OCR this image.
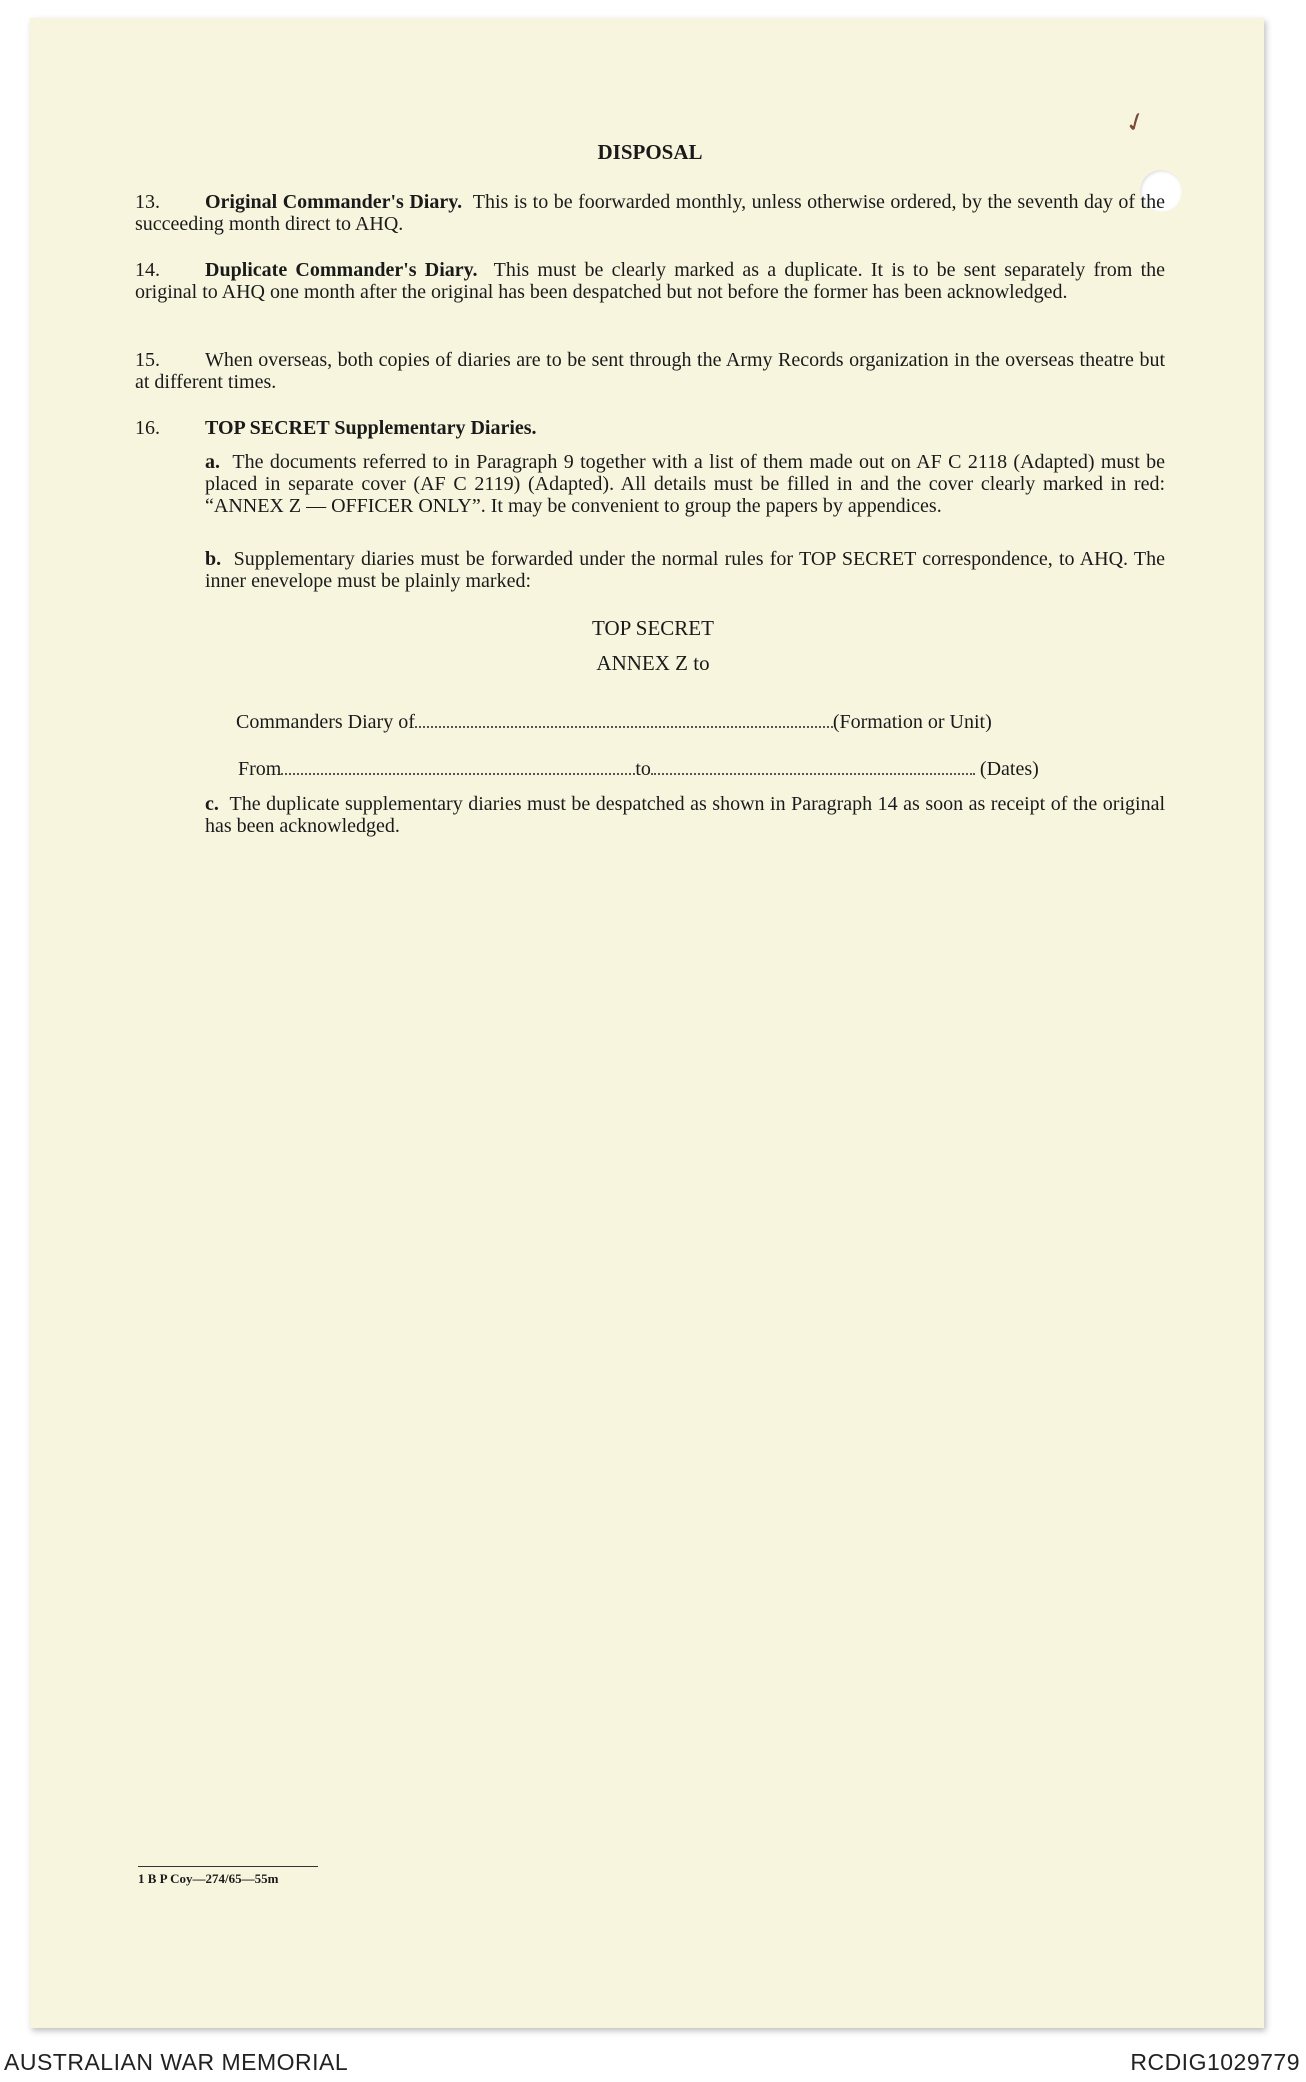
✓
DISPOSAL
13. Original Commander's Diary. This is to be foorwarded monthly, unless otherwise ordered, by the seventh day of the succeeding month direct to AHQ.
14. Duplicate Commander's Diary. This must be clearly marked as a duplicate. It is to be sent separately from the original to AHQ one month after the original has been despatched but not before the former has been acknowledged.
15. When overseas, both copies of diaries are to be sent through the Army Records organization in the overseas theatre but at different times.
16. TOP SECRET Supplementary Diaries.
a. The documents referred to in Paragraph 9 together with a list of them made out on AF C 2118 (Adapted) must be placed in separate cover (AF C 2119) (Adapted). All details must be filled in and the cover clearly marked in red: “ANNEX Z — OFFICER ONLY”. It may be convenient to group the papers by appendices.
b. Supplementary diaries must be forwarded under the normal rules for TOP SECRET correspondence, to AHQ. The inner enevelope must be plainly marked:
TOP SECRET
ANNEX Z to
Commanders Diary of	(Formation or Unit)
From	to	(Dates)
c. The duplicate supplementary diaries must be despatched as shown in Paragraph 14 as soon as receipt of the original has been acknowledged.
1 B P Coy—274/65—55m
AUSTRALIAN WAR MEMORIAL	RCDIG1029779
